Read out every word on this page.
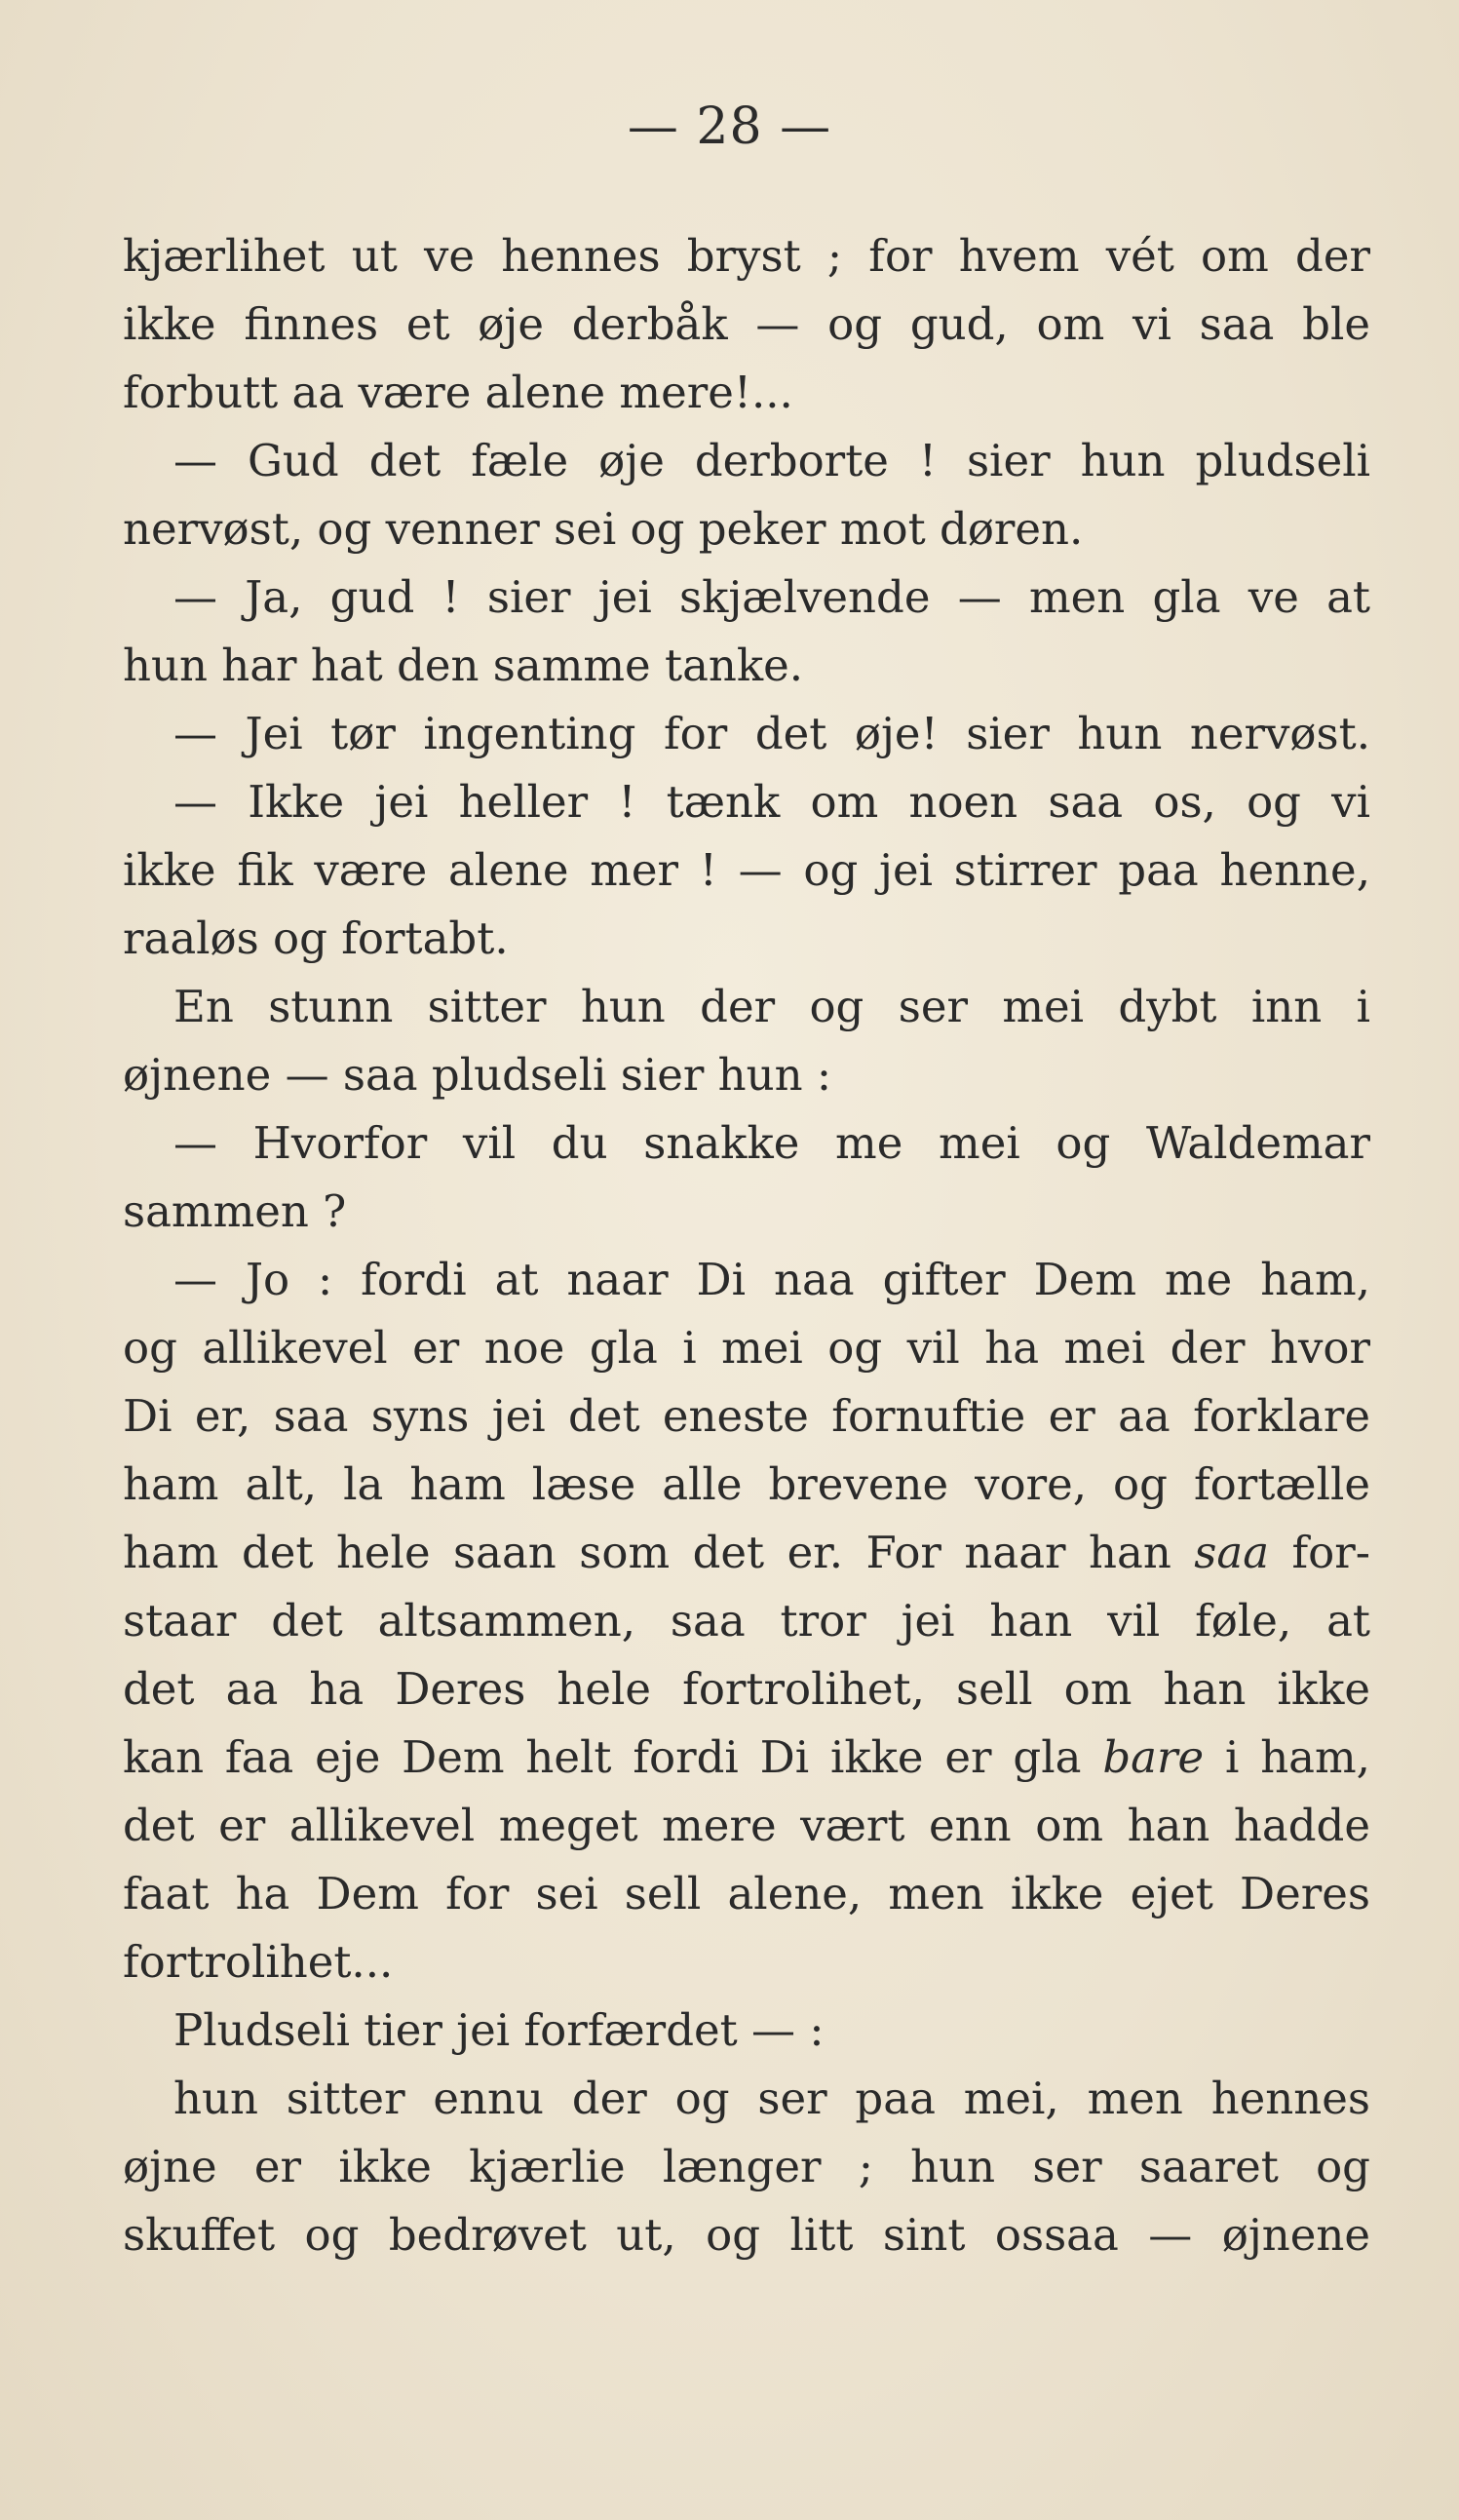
— 28 —
kjærlihet ut ve hennes bryst ; for hvem vét om der
ikke finnes et øje derbåk — og gud, om vi saa ble
forbutt aa være alene mere!...
— Gud det fæle øje derborte ! sier hun pludseli
nervøst, og venner sei og peker mot døren.
— Ja, gud ! sier jei skjælvende — men gla ve at
hun har hat den samme tanke.
— Jei tør ingenting for det øje! sier hun nervøst.
— Ikke jei heller ! tænk om noen saa os, og vi
ikke fik være alene mer ! — og jei stirrer paa henne,
raaløs og fortabt.
En stunn sitter hun der og ser mei dybt inn i
øjnene — saa pludseli sier hun :
— Hvorfor vil du snakke me mei og Waldemar
sammen ?
— Jo : fordi at naar Di naa gifter Dem me ham,
og allikevel er noe gla i mei og vil ha mei der hvor
Di er, saa syns jei det eneste fornuftie er aa forklare
ham alt, la ham læse alle brevene vore, og fortælle
ham det hele saan som det er. For naar han saa for-
staar det altsammen, saa tror jei han vil føle, at
det aa ha Deres hele fortrolihet, sell om han ikke
kan faa eje Dem helt fordi Di ikke er gla bare i ham,
det er allikevel meget mere vært enn om han hadde
faat ha Dem for sei sell alene, men ikke ejet Deres
fortrolihet...
Pludseli tier jei forfærdet — :
hun sitter ennu der og ser paa mei, men hennes
øjne er ikke kjærlie længer ; hun ser saaret og
skuffet og bedrøvet ut, og litt sint ossaa — øjnene
